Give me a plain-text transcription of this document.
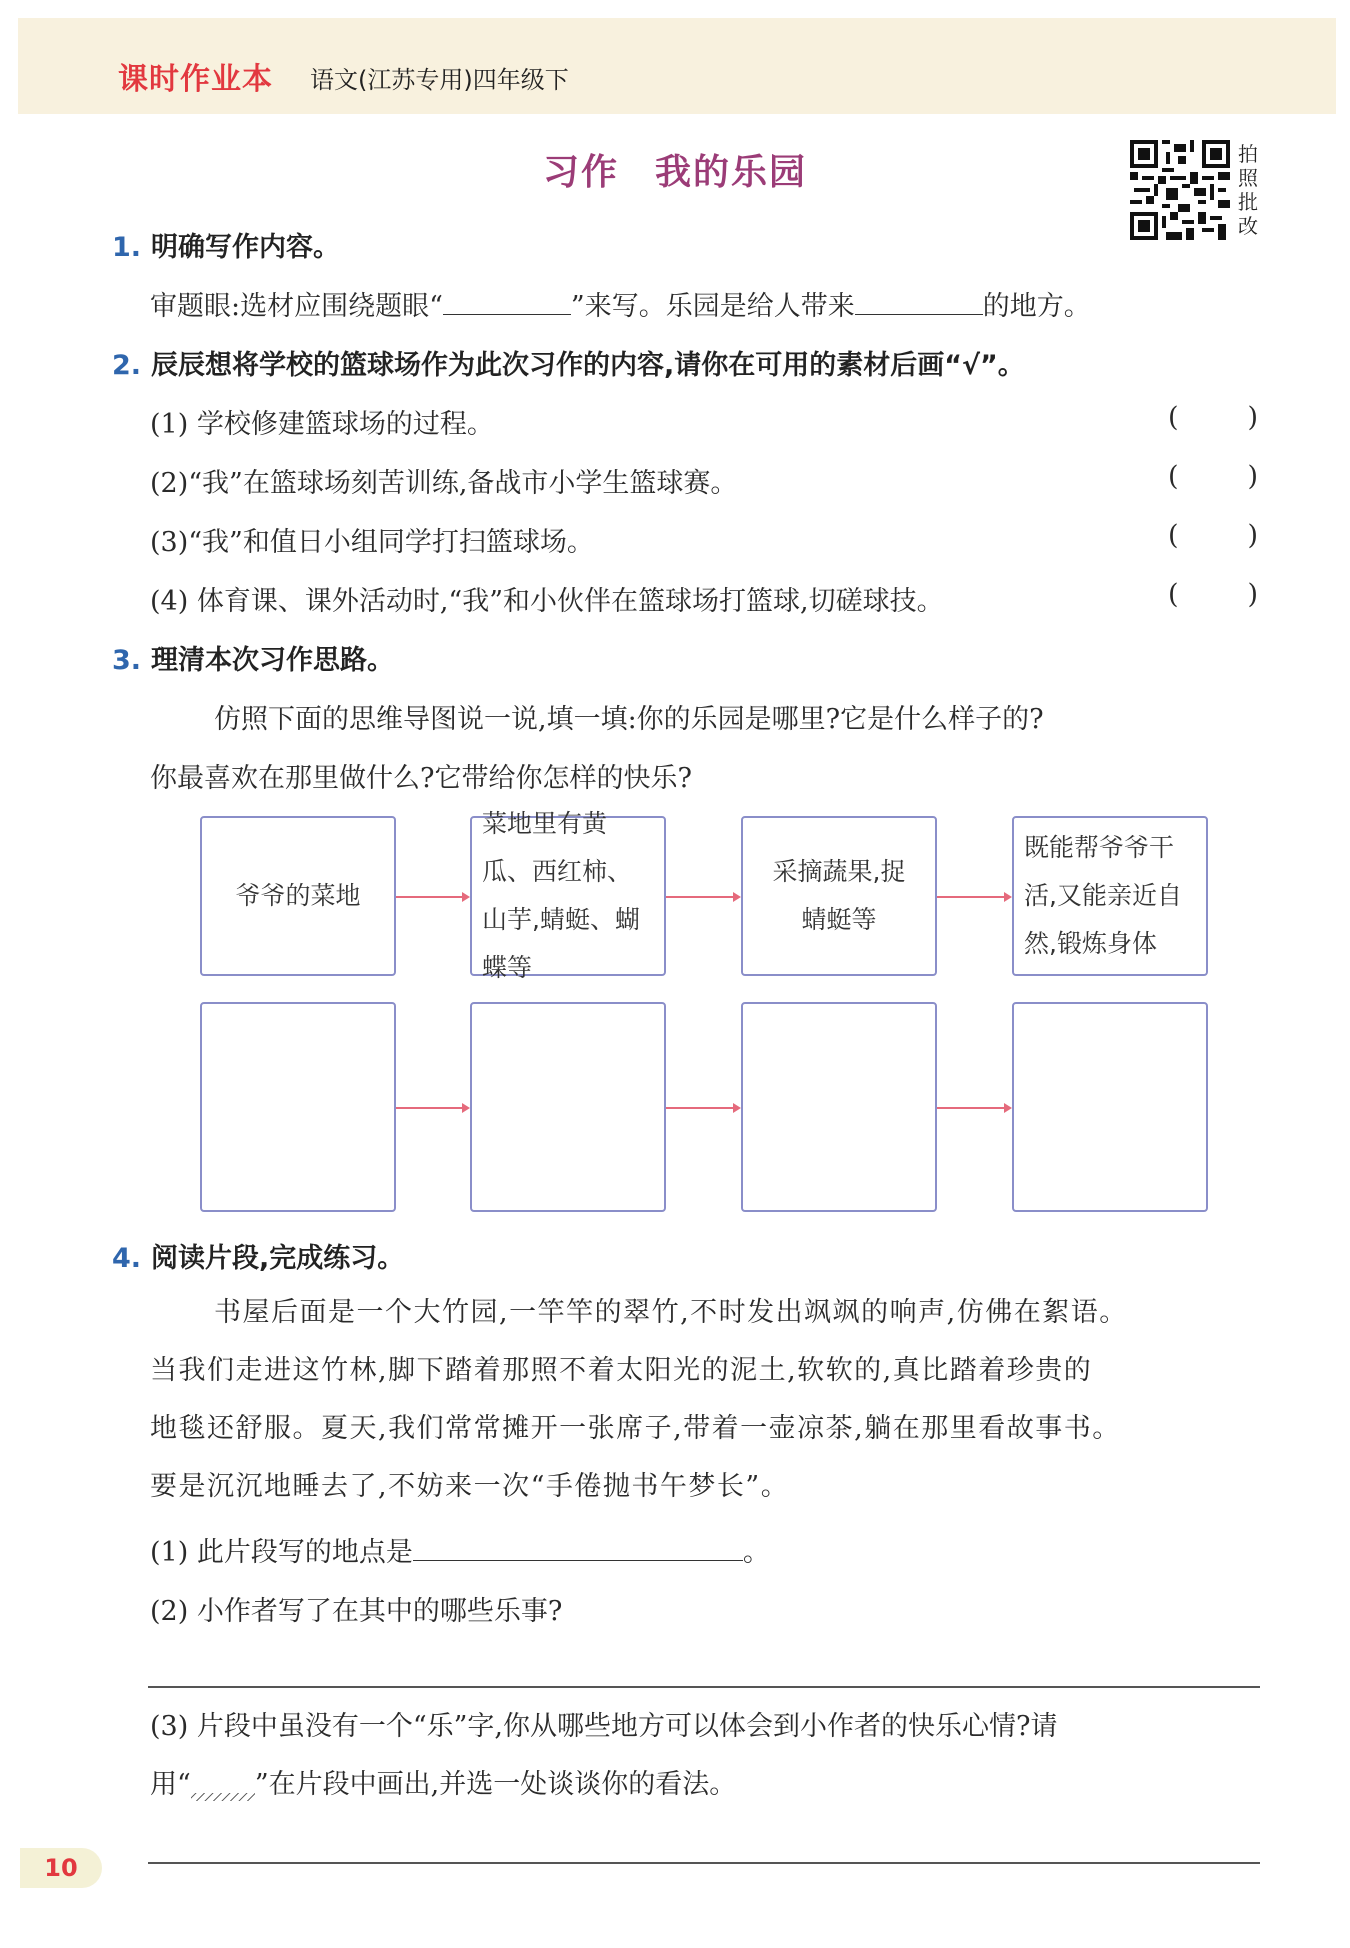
课时作业本 语文(江苏专用)四年级下
习作 我的乐园	拍照批改
1. 明确写作内容。
审题眼:选材应围绕题眼“	”来写。乐园是给人带来	的地方。
2. 辰辰想将学校的篮球场作为此次习作的内容,请你在可用的素材后画“√”。
(1) 学校修建篮球场的过程。	(	)
(2)“我”在篮球场刻苦训练,备战市小学生篮球赛。	(	)
(3)“我”和值日小组同学打扫篮球场。	(	)
(4) 体育课、课外活动时,“我”和小伙伴在篮球场打篮球,切磋球技。	(	)
3. 理清本次习作思路。
仿照下面的思维导图说一说,填一填:你的乐园是哪里?它是什么样子的?
你最喜欢在那里做什么?它带给你怎样的快乐?
爷爷的菜地
菜地里有黄瓜、西红柿、山芋,蜻蜓、蝴蝶等
采摘蔬果,捉蜻蜓等
既能帮爷爷干活,又能亲近自然,锻炼身体
4. 阅读片段,完成练习。

书屋后面是一个大竹园,一竿竿的翠竹,不时发出飒飒的响声,仿佛在絮语。

当我们走进这竹林,脚下踏着那照不着太阳光的泥土,软软的,真比踏着珍贵的

地毯还舒服。夏天,我们常常摊开一张席子,带着一壶凉茶,躺在那里看故事书。

要是沉沉地睡去了,不妨来一次“手倦抛书午梦长”。

(1) 此片段写的地点是	。
(2) 小作者写了在其中的哪些乐事?
(3) 片段中虽没有一个“乐”字,你从哪些地方可以体会到小作者的快乐心情?请
用“ ”在片段中画出,并选一处谈谈你的看法。
10
